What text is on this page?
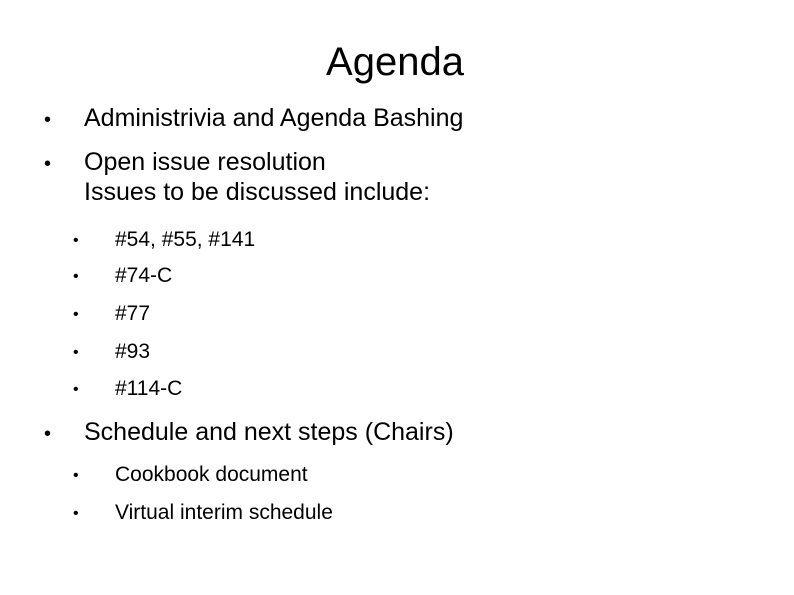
Agenda
• Administrivia and Agenda Bashing
• Open issue resolution
Issues to be discussed include:
• #54, #55, #141
• #74-C
• #77
• #93
• #114-C
• Schedule and next steps (Chairs)
• Cookbook document
• Virtual interim schedule
